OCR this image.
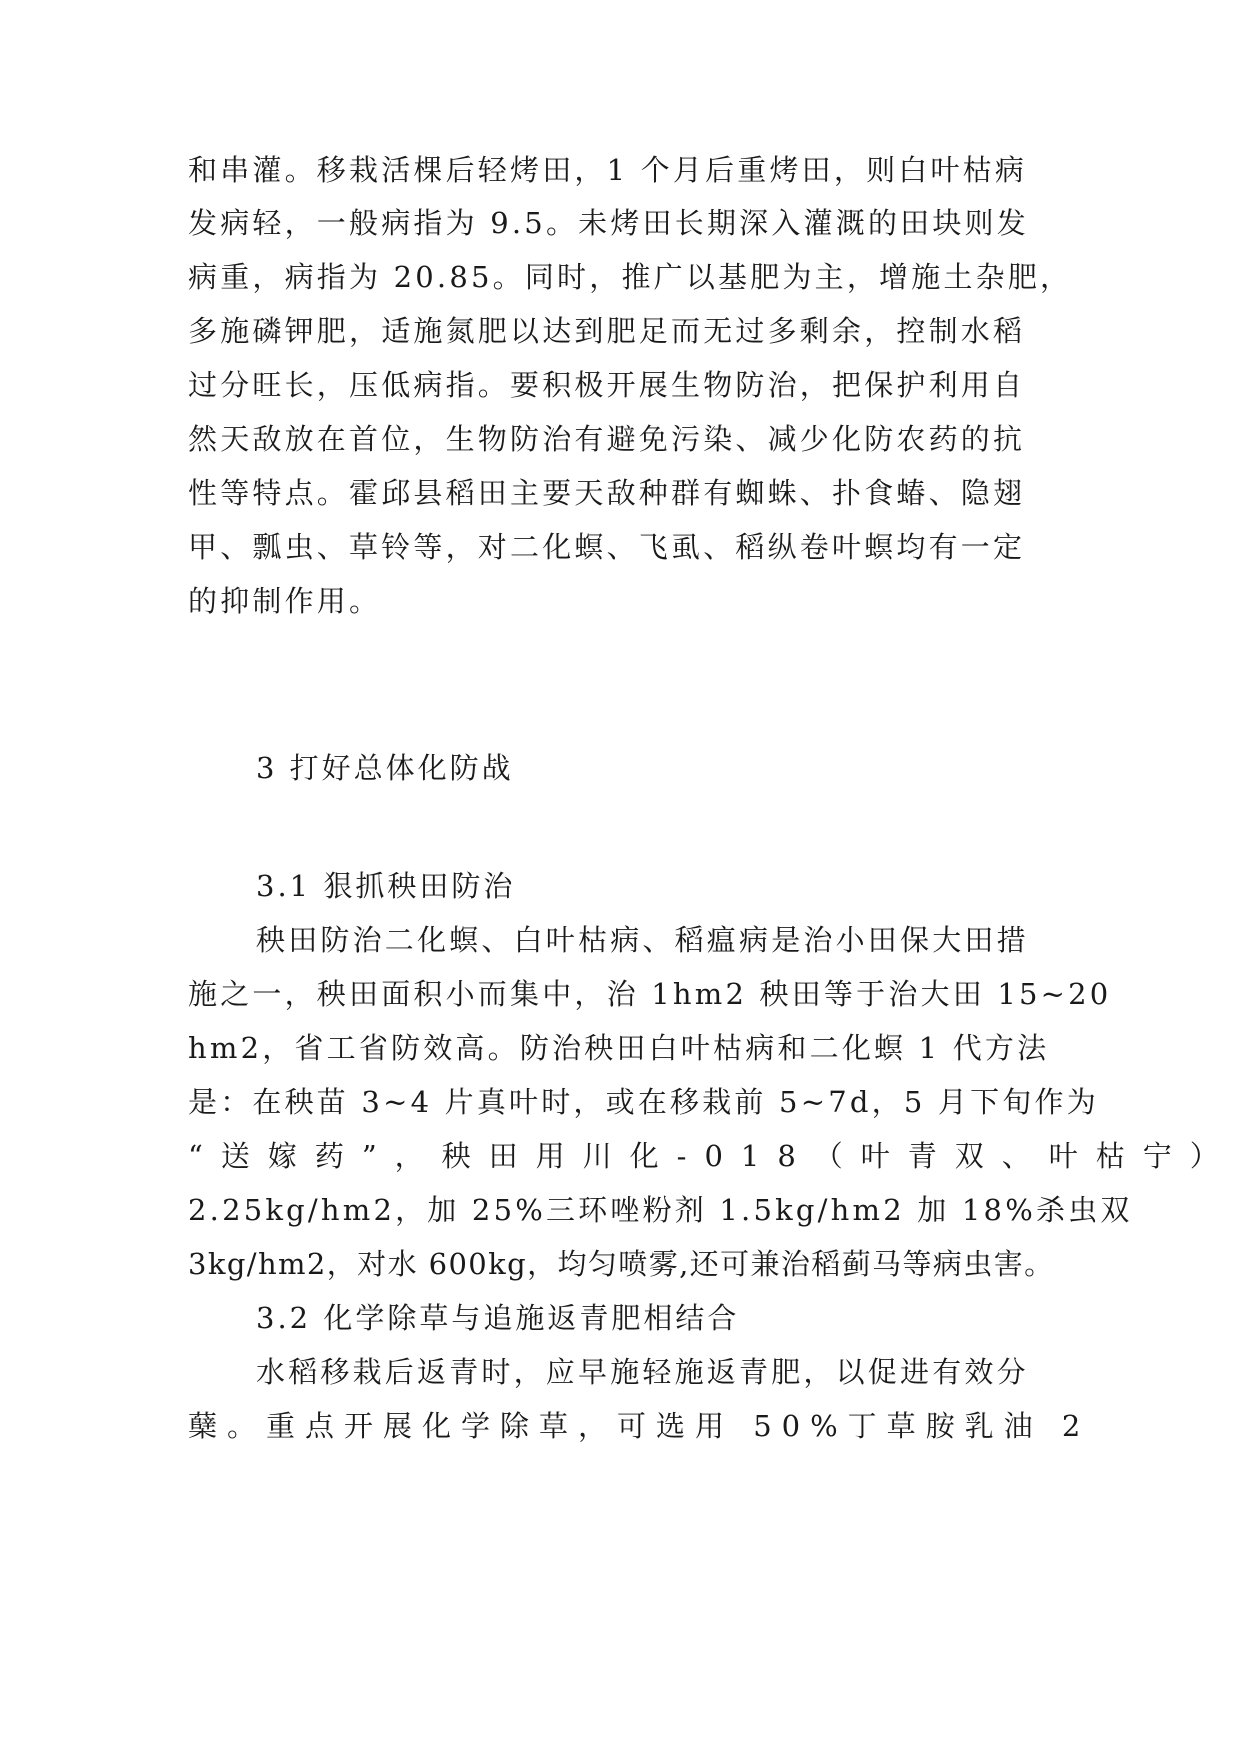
和串灌。移栽活棵后轻烤田，1 个月后重烤田，则白叶枯病
发病轻，一般病指为 9.5。未烤田长期深入灌溉的田块则发
病重，病指为 20.85。同时，推广以基肥为主，增施土杂肥，
多施磷钾肥，适施氮肥以达到肥足而无过多剩余，控制水稻
过分旺长，压低病指。要积极开展生物防治，把保护利用自
然天敌放在首位，生物防治有避免污染、减少化防农药的抗
性等特点。霍邱县稻田主要天敌种群有蜘蛛、扑食蝽、隐翅
甲、瓢虫、草铃等，对二化螟、飞虱、稻纵卷叶螟均有一定
的抑制作用。
3 打好总体化防战
3.1 狠抓秧田防治
秧田防治二化螟、白叶枯病、稻瘟病是治小田保大田措
施之一，秧田面积小而集中，治 1hm2 秧田等于治大田 15~20
hm2，省工省防效高。防治秧田白叶枯病和二化螟 1 代方法
是：在秧苗 3~4 片真叶时，或在移栽前 5~7d，5 月下旬作为
“送嫁药”，秧田用川化-018（叶青双、叶枯宁）
2.25kg/hm2，加 25%三环唑粉剂 1.5kg/hm2 加 18%杀虫双
3kg/hm2，对水 600kg，均匀喷雾,还可兼治稻蓟马等病虫害。
3.2 化学除草与追施返青肥相结合
水稻移栽后返青时，应早施轻施返青肥，以促进有效分
蘖。重点开展化学除草，可选用 50%丁草胺乳油 2
